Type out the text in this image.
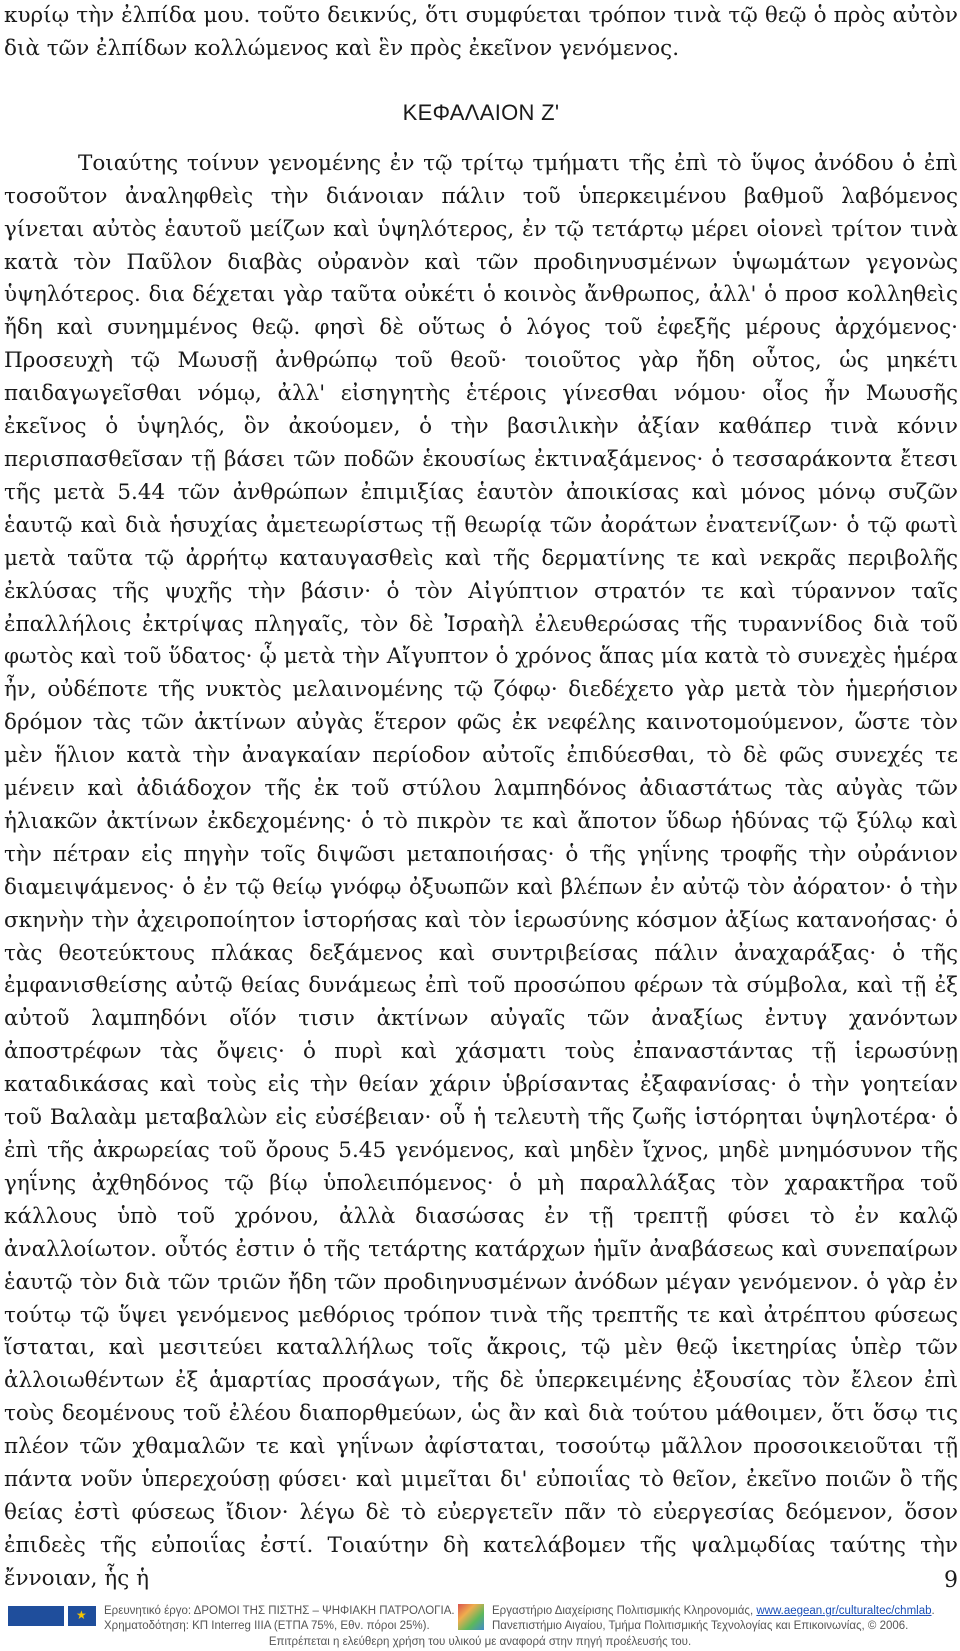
κυρίῳ τὴν ἐλπίδα μου. τοῦτο δεικνύς, ὅτι συμφύεται τρόπον τινὰ τῷ θεῷ ὁ πρὸς αὐτὸν διὰ τῶν ἐλπίδων κολλώμενος καὶ ἓν πρὸς ἐκεῖνον γενόμενος.

ΚΕΦΑΛΑΙΟΝ Ζʹ

Τοιαύτης τοίνυν γενομένης ἐν τῷ τρίτῳ τμήματι τῆς ἐπὶ τὸ ὕψος ἀνόδου ὁ ἐπὶ τοσοῦτον ἀναληφθεὶς τὴν διάνοιαν πάλιν τοῦ ὑπερκειμένου βαθμοῦ λαβόμενος γίνεται αὐτὸς ἑαυτοῦ μείζων καὶ ὑψηλότερος, ἐν τῷ τετάρτῳ μέρει οἱονεὶ τρίτον τινὰ κατὰ τὸν Παῦλον διαβὰς οὐρανὸν καὶ τῶν προδιηνυσμένων ὑψωμάτων γεγονὼς ὑψηλότερος. δια δέχεται γὰρ ταῦτα οὐκέτι ὁ κοινὸς ἄνθρωπος, ἀλλ' ὁ προσ κολληθεὶς ἤδη καὶ συνημμένος θεῷ. φησὶ δὲ οὕτως ὁ λόγος τοῦ ἐφεξῆς μέρους ἀρχόμενος· Προσευχὴ τῷ Μωυσῇ ἀνθρώπῳ τοῦ θεοῦ· τοιοῦτος γὰρ ἤδη οὗτος, ὡς μηκέτι παιδαγωγεῖσθαι νόμῳ, ἀλλ' εἰσηγητὴς ἑτέροις γίνεσθαι νόμου· οἷος ἦν Μωυσῆς ἐκεῖνος ὁ ὑψηλός, ὃν ἀκούομεν, ὁ τὴν βασιλικὴν ἀξίαν καθάπερ τινὰ κόνιν περισπασθεῖσαν τῇ βάσει τῶν ποδῶν ἑκουσίως ἐκτιναξάμενος· ὁ τεσσαράκοντα ἔτεσι τῆς μετὰ 5.44 τῶν ἀνθρώπων ἐπιμιξίας ἑαυτὸν ἀποικίσας καὶ μόνος μόνῳ συζῶν ἑαυτῷ καὶ διὰ ἡσυχίας ἀμετεωρίστως τῇ θεωρίᾳ τῶν ἀοράτων ἐνατενίζων· ὁ τῷ φωτὶ μετὰ ταῦτα τῷ ἀρρήτῳ καταυγασθεὶς καὶ τῆς δερματίνης τε καὶ νεκρᾶς περιβολῆς ἐκλύσας τῆς ψυχῆς τὴν βάσιν· ὁ τὸν Αἰγύπτιον στρατόν τε καὶ τύραννον ταῖς ἐπαλλήλοις ἐκτρίψας πληγαῖς, τὸν δὲ Ἰσραὴλ ἐλευθερώσας τῆς τυραννίδος διὰ τοῦ φωτὸς καὶ τοῦ ὕδατος· ᾧ μετὰ τὴν Αἴγυπτον ὁ χρόνος ἅπας μία κατὰ τὸ συνεχὲς ἡμέρα ἦν, οὐδέποτε τῆς νυκτὸς μελαινομένης τῷ ζόφῳ· διεδέχετο γὰρ μετὰ τὸν ἡμερήσιον δρόμον τὰς τῶν ἀκτίνων αὐγὰς ἕτερον φῶς ἐκ νεφέλης καινοτομούμενον, ὥστε τὸν μὲν ἥλιον κατὰ τὴν ἀναγκαίαν περίοδον αὐτοῖς ἐπιδύεσθαι, τὸ δὲ φῶς συνεχές τε μένειν καὶ ἀδιάδοχον τῆς ἐκ τοῦ στύλου λαμπηδόνος ἀδιαστάτως τὰς αὐγὰς τῶν ἡλιακῶν ἀκτίνων ἐκδεχομένης· ὁ τὸ πικρὸν τε καὶ ἄποτον ὕδωρ ἡδύνας τῷ ξύλῳ καὶ τὴν πέτραν εἰς πηγὴν τοῖς διψῶσι μεταποιήσας· ὁ τῆς γηΐνης τροφῆς τὴν οὐράνιον διαμειψάμενος· ὁ ἐν τῷ θείῳ γνόφῳ ὀξυωπῶν καὶ βλέπων ἐν αὐτῷ τὸν ἀόρατον· ὁ τὴν σκηνὴν τὴν ἀχειροποίητον ἱστορήσας καὶ τὸν ἱερωσύνης κόσμον ἀξίως κατανοήσας· ὁ τὰς θεοτεύκτους πλάκας δεξάμενος καὶ συντριβείσας πάλιν ἀναχαράξας· ὁ τῆς ἐμφανισθείσης αὐτῷ θείας δυνάμεως ἐπὶ τοῦ προσώπου φέρων τὰ σύμβολα, καὶ τῇ ἐξ αὐτοῦ λαμπηδόνι οἵόν τισιν ἀκτίνων αὐγαῖς τῶν ἀναξίως ἐντυγ χανόντων ἀποστρέφων τὰς ὄψεις· ὁ πυρὶ καὶ χάσματι τοὺς ἐπαναστάντας τῇ ἱερωσύνῃ καταδικάσας καὶ τοὺς εἰς τὴν θείαν χάριν ὑβρίσαντας ἐξαφανίσας· ὁ τὴν γοητείαν τοῦ Βαλαὰμ μεταβαλὼν εἰς εὐσέβειαν· οὗ ἡ τελευτὴ τῆς ζωῆς ἱστόρηται ὑψηλοτέρα· ὁ ἐπὶ τῆς ἀκρωρείας τοῦ ὄρους 5.45 γενόμενος, καὶ μηδὲν ἴχνος, μηδὲ μνημόσυνον τῆς γηΐνης ἀχθηδόνος τῷ βίῳ ὑπολειπόμενος· ὁ μὴ παραλλάξας τὸν χαρακτῆρα τοῦ κάλλους ὑπὸ τοῦ χρόνου, ἀλλὰ διασώσας ἐν τῇ τρεπτῇ φύσει τὸ ἐν καλῷ ἀναλλοίωτον. οὗτός ἐστιν ὁ τῆς τετάρτης κατάρχων ἡμῖν ἀναβάσεως καὶ συνεπαίρων ἑαυτῷ τὸν διὰ τῶν τριῶν ἤδη τῶν προδιηνυσμένων ἀνόδων μέγαν γενόμενον. ὁ γὰρ ἐν τούτῳ τῷ ὕψει γενόμενος μεθόριος τρόπον τινὰ τῆς τρεπτῆς τε καὶ ἀτρέπτου φύσεως ἵσταται, καὶ μεσιτεύει καταλλήλως τοῖς ἄκροις, τῷ μὲν θεῷ ἱκετηρίας ὑπὲρ τῶν ἀλλοιωθέντων ἐξ ἁμαρτίας προσάγων, τῆς δὲ ὑπερκειμένης ἐξουσίας τὸν ἔλεον ἐπὶ τοὺς δεομένους τοῦ ἐλέου διαπορθμεύων, ὡς ἂν καὶ διὰ τούτου μάθοιμεν, ὅτι ὅσῳ τις πλέον τῶν χθαμαλῶν τε καὶ γηΐνων ἀφίσταται, τοσούτῳ μᾶλλον προσοικειοῦται τῇ πάντα νοῦν ὑπερεχούσῃ φύσει· καὶ μιμεῖται δι' εὐποιΐας τὸ θεῖον, ἐκεῖνο ποιῶν ὃ τῆς θείας ἐστὶ φύσεως ἴδιον· λέγω δὲ τὸ εὐεργετεῖν πᾶν τὸ εὐεργεσίας δεόμενον, ὅσον ἐπιδεὲς τῆς εὐποιΐας ἐστί. Τοιαύτην δὴ κατελάβομεν τῆς ψαλμῳδίας ταύτης τὴν ἔννοιαν, ἧς ἡ	9
★
Ερευνητικό έργο: ΔΡΟΜΟΙ ΤΗΣ ΠΙΣΤΗΣ – ΨΗΦΙΑΚΗ ΠΑΤΡΟΛΟΓΙΑ.
Χρηματοδότηση: ΚΠ Interreg IIIA (ΕΤΠΑ 75%, Εθν. πόροι 25%).
Εργαστήριο Διαχείρισης Πολιτισμικής Κληρονομιάς, www.aegean.gr/culturaltec/chmlab.
Πανεπιστήμιο Αιγαίου, Τμήμα Πολιτισμικής Τεχνολογίας και Επικοινωνίας, © 2006.
Επιτρέπεται η ελεύθερη χρήση του υλικού με αναφορά στην πηγή προέλευσής του.
